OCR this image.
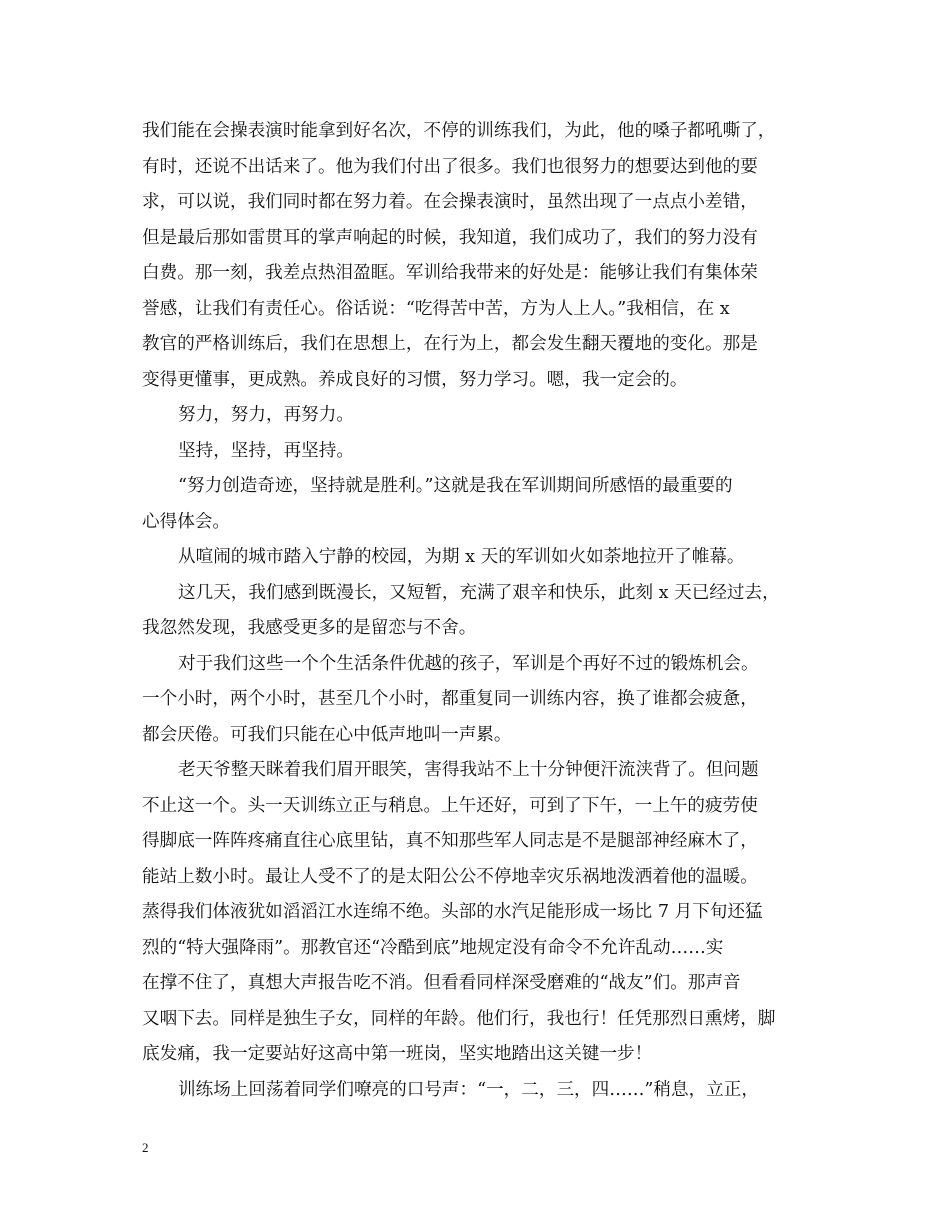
我们能在会操表演时能拿到好名次，不停的训练我们，为此，他的嗓子都吼嘶了，
有时，还说不出话来了。他为我们付出了很多。我们也很努力的想要达到他的要
求，可以说，我们同时都在努力着。在会操表演时，虽然出现了一点点小差错，
但是最后那如雷贯耳的掌声响起的时候，我知道，我们成功了，我们的努力没有
白费。那一刻，我差点热泪盈眶。军训给我带来的好处是：能够让我们有集体荣
誉感，让我们有责任心。俗话说：“吃得苦中苦，方为人上人。”我相信，在 x
教官的严格训练后，我们在思想上，在行为上，都会发生翻天覆地的变化。那是
变得更懂事，更成熟。养成良好的习惯，努力学习。嗯，我一定会的。
努力，努力，再努力。
坚持，坚持，再坚持。
“努力创造奇迹，坚持就是胜利。”这就是我在军训期间所感悟的最重要的
心得体会。
从喧闹的城市踏入宁静的校园，为期 x 天的军训如火如荼地拉开了帷幕。
这几天，我们感到既漫长，又短暂，充满了艰辛和快乐，此刻 x 天已经过去，
我忽然发现，我感受更多的是留恋与不舍。
对于我们这些一个个生活条件优越的孩子，军训是个再好不过的锻炼机会。
一个小时，两个小时，甚至几个小时，都重复同一训练内容，换了谁都会疲惫，
都会厌倦。可我们只能在心中低声地叫一声累。
老天爷整天眯着我们眉开眼笑，害得我站不上十分钟便汗流浃背了。但问题
不止这一个。头一天训练立正与稍息。上午还好，可到了下午，一上午的疲劳使
得脚底一阵阵疼痛直往心底里钻，真不知那些军人同志是不是腿部神经麻木了，
能站上数小时。最让人受不了的是太阳公公不停地幸灾乐祸地泼洒着他的温暖。
蒸得我们体液犹如滔滔江水连绵不绝。头部的水汽足能形成一场比 7 月下旬还猛
烈的“特大强降雨”。那教官还“冷酷到底”地规定没有命令不允许乱动……实
在撑不住了，真想大声报告吃不消。但看看同样深受磨难的“战友”们。那声音
又咽下去。同样是独生子女，同样的年龄。他们行，我也行！任凭那烈日熏烤，脚
底发痛，我一定要站好这高中第一班岗，坚实地踏出这关键一步！
训练场上回荡着同学们嘹亮的口号声：“一，二，三，四……”稍息，立正，
2
